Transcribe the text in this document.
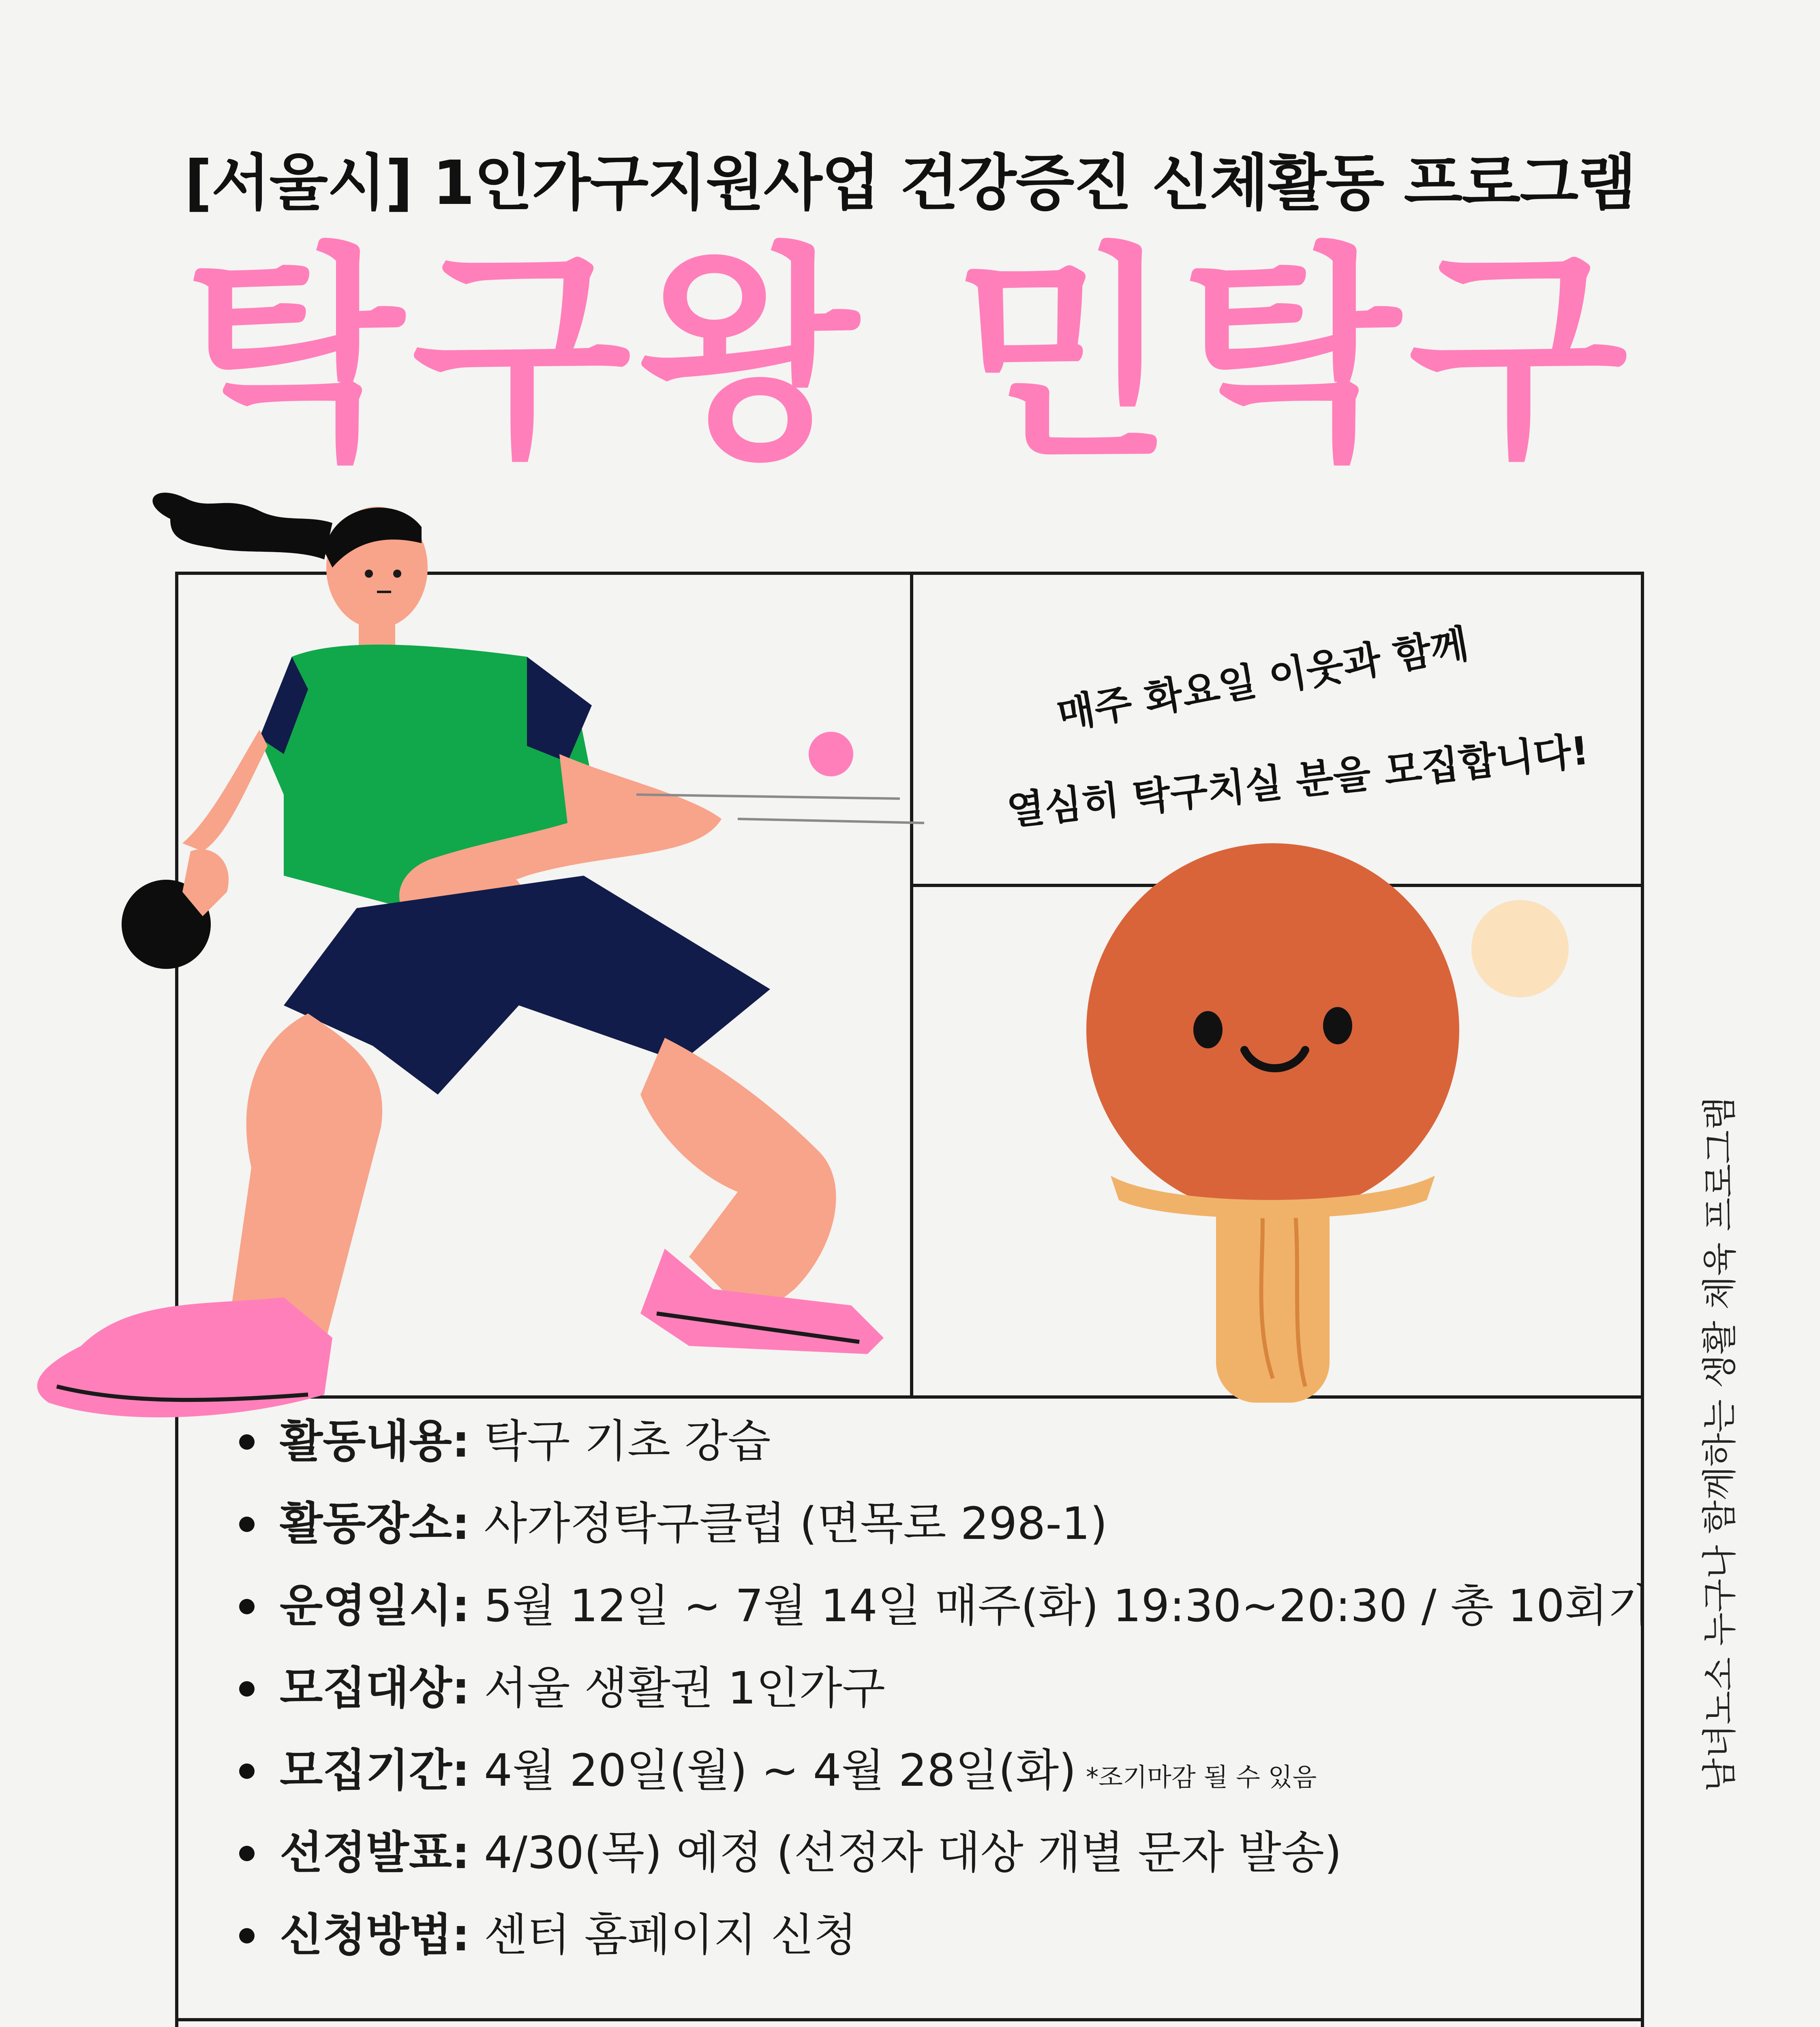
[서울시] 1인가구지원사업 건강증진 신체활동 프로그램
탁구왕 민탁구
매주 화요일 이웃과 함께
열심히 탁구치실 분을 모집합니다!
남녀노소 누구나 함께하는 생활 체육 프로그램
활동내용: 탁구 기초 강습
활동장소: 사가정탁구클럽 (면목로 298-1)
운영일시: 5월 12일 ~ 7월 14일 매주(화) 19:30~20:30 / 총 10회기
모집대상: 서울 생활권 1인가구
모집기간: 4월 20일(월) ~ 4월 28일(화) *조기마감 될 수 있음
선정발표: 4/30(목) 예정 (선정자 대상 개별 문자 발송)
신청방법: 센터 홈페이지 신청
